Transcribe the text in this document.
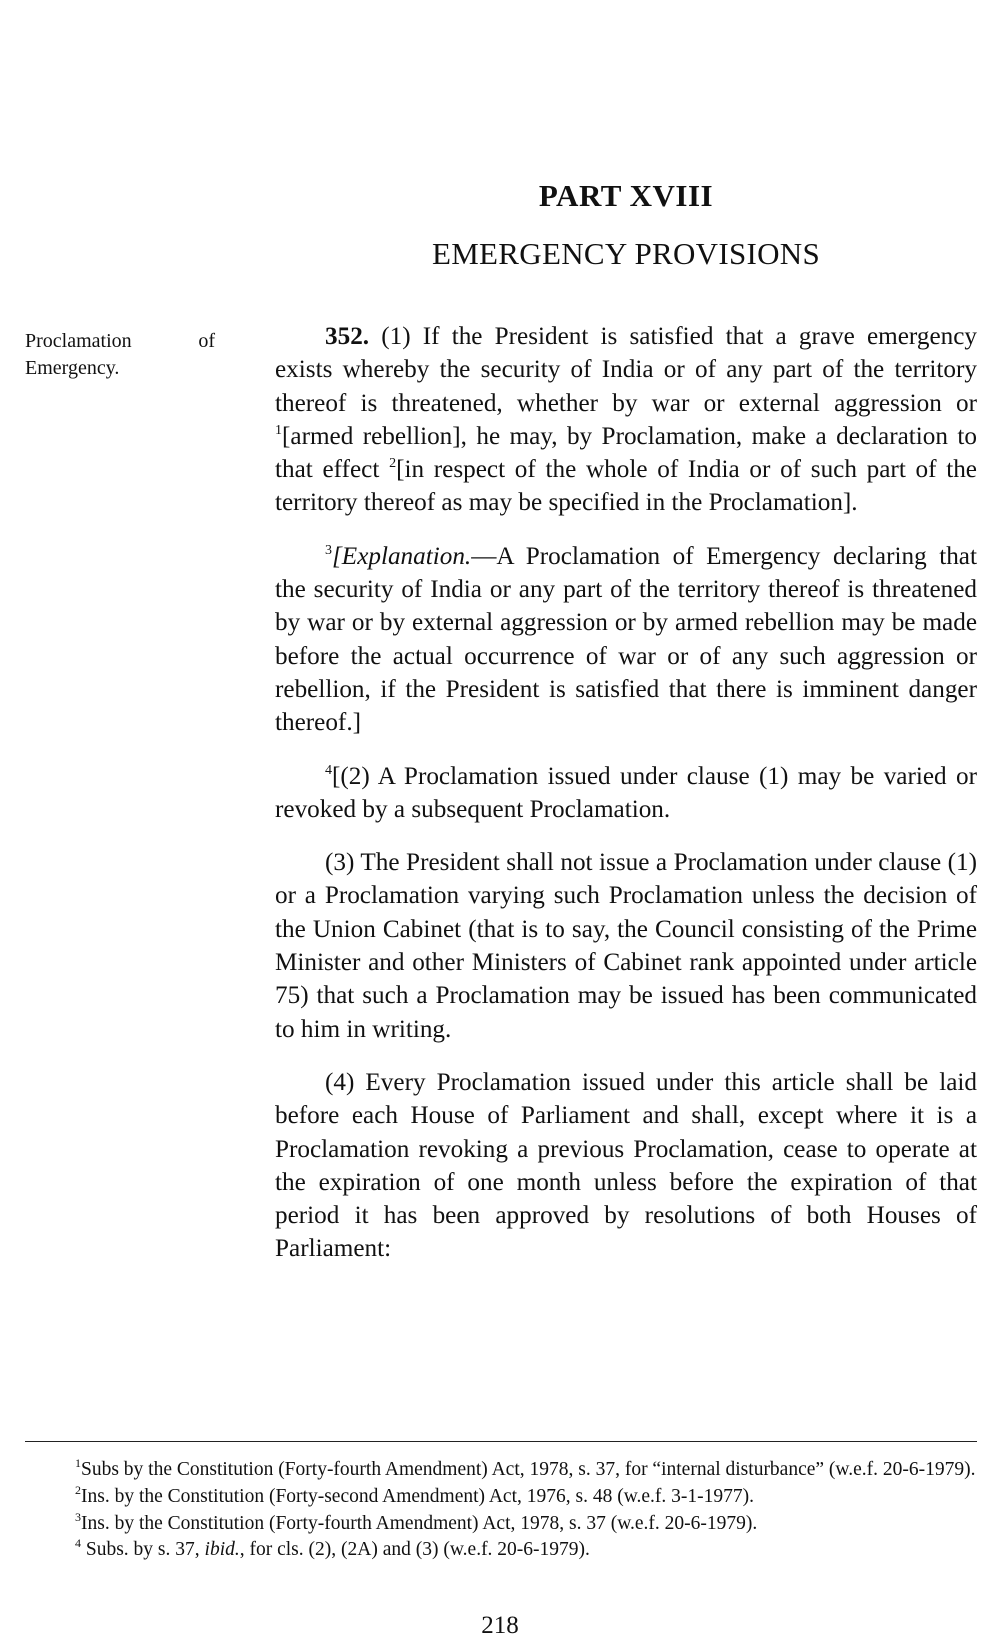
PART XVIII
EMERGENCY PROVISIONS
Proclamation of Emergency.

352. (1) If the President is satisfied that a grave emergency exists whereby the security of India or of any part of the territory thereof is threatened, whether by war or external aggression or $^1$[armed rebellion], he may, by Proclamation, make a declaration to that effect $^2$[in respect of the whole of India or of such part of the territory thereof as may be specified in the Proclamation].

$^3$[Explanation.—A Proclamation of Emergency declaring that the security of India or any part of the territory thereof is threatened by war or by external aggression or by armed rebellion may be made before the actual occurrence of war or of any such aggression or rebellion, if the President is satisfied that there is imminent danger thereof.]

$^4$[(2) A Proclamation issued under clause (1) may be varied or revoked by a subsequent Proclamation.

(3) The President shall not issue a Proclamation under clause (1) or a Proclamation varying such Proclamation unless the decision of the Union Cabinet (that is to say, the Council consisting of the Prime Minister and other Ministers of Cabinet rank appointed under article 75) that such a Proclamation may be issued has been communicated to him in writing.

(4) Every Proclamation issued under this article shall be laid before each House of Parliament and shall, except where it is a Proclamation revoking a previous Proclamation, cease to operate at the expiration of one month unless before the expiration of that period it has been approved by resolutions of both Houses of Parliament:

$^1$Subs by the Constitution (Forty-fourth Amendment) Act, 1978, s. 37, for “internal disturbance” (w.e.f. 20-6-1979).

$^2$Ins. by the Constitution (Forty-second Amendment) Act, 1976, s. 48 (w.e.f. 3-1-1977).

$^3$Ins. by the Constitution (Forty-fourth Amendment) Act, 1978, s. 37 (w.e.f. 20-6-1979).

$^4$ Subs. by s. 37, ibid., for cls. (2), (2A) and (3) (w.e.f. 20-6-1979).

218
